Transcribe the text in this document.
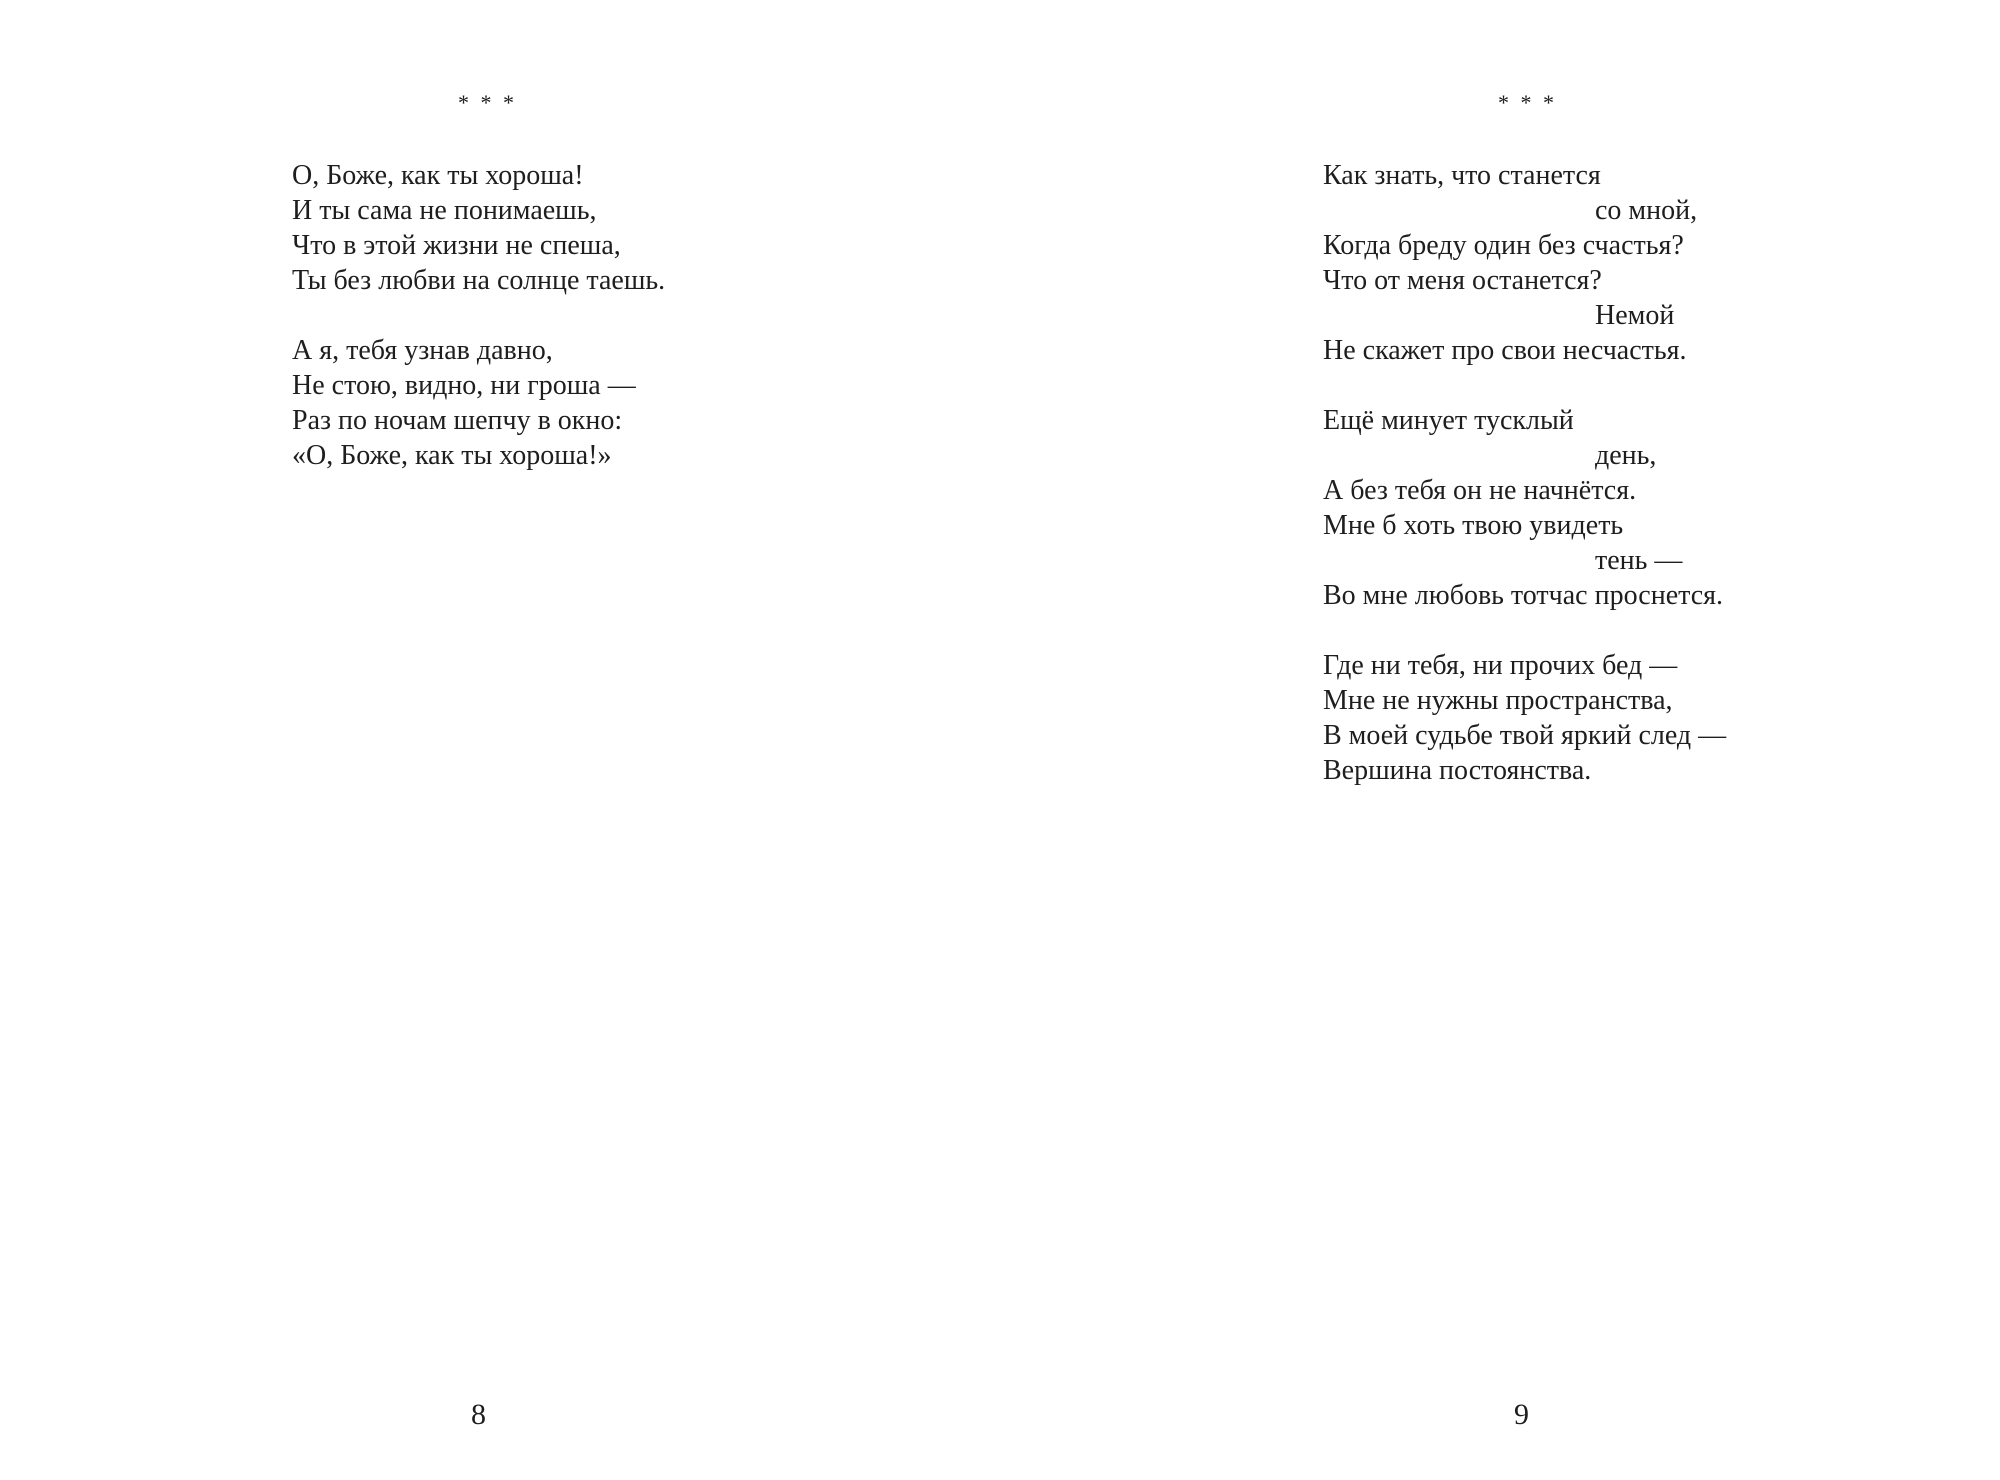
* * *
О, Боже, как ты хороша!
И ты сама не понимаешь,
Что в этой жизни не спеша,
Ты без любви на солнце таешь.
А я, тебя узнав давно,
Не стою, видно, ни гроша —
Раз по ночам шепчу в окно:
«О, Боже, как ты хороша!»
8
* * *
Как знать, что станется
со мной,
Когда бреду один без счастья?
Что от меня останется?
Немой
Не скажет про свои несчастья.
Ещё минует тусклый
день,
А без тебя он не начнётся.
Мне б хоть твою увидеть
тень —
Во мне любовь тотчас проснется.
Где ни тебя, ни прочих бед —
Мне не нужны пространства,
В моей судьбе твой яркий след —
Вершина постоянства.
9
